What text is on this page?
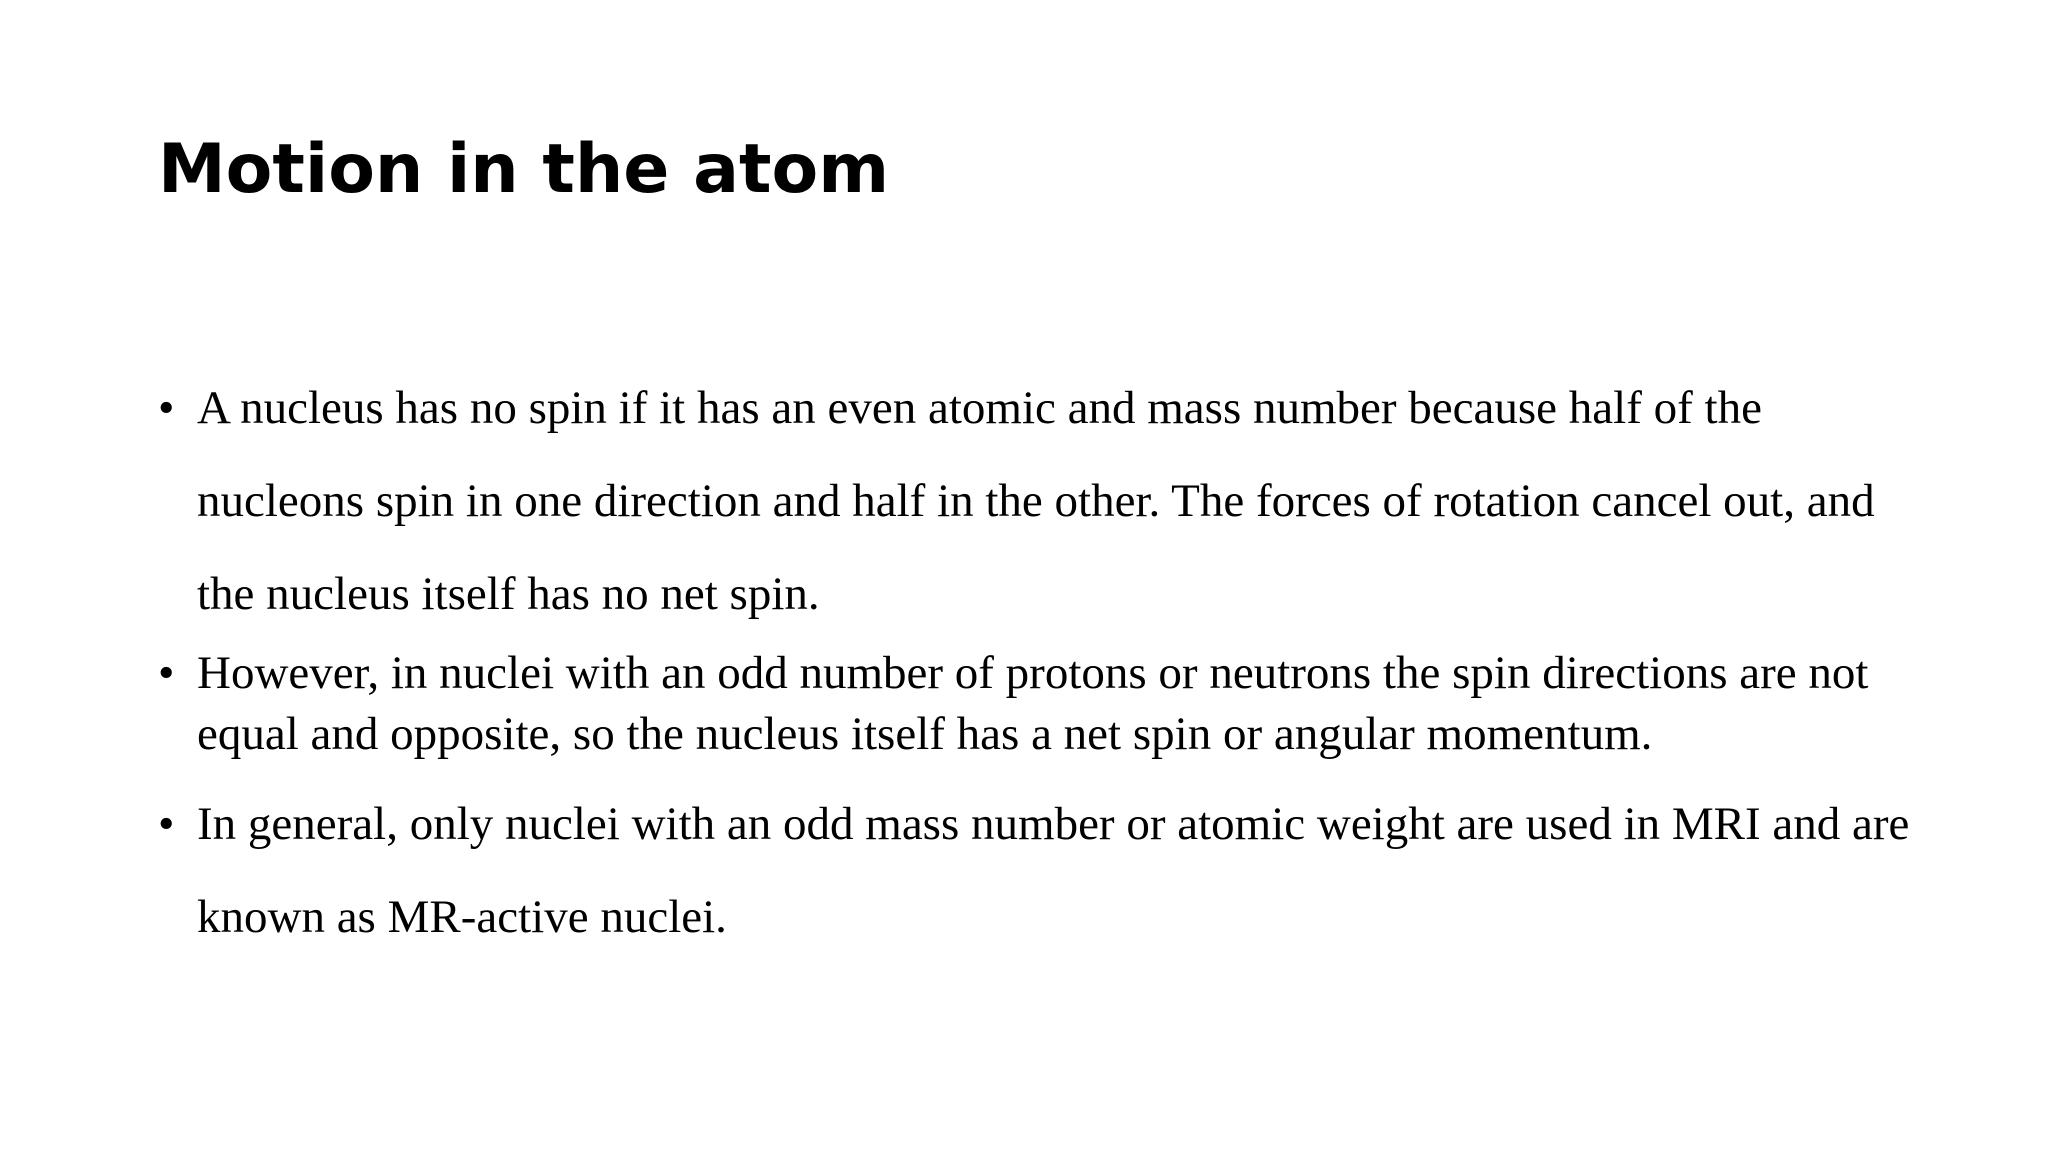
Motion in the atom
• A nucleus has no spin if it has an even atomic and mass number because half of the nucleons spin in one direction and half in the other. The forces of rotation cancel out, and the nucleus itself has no net spin.
• However, in nuclei with an odd number of protons or neutrons the spin directions are not equal and opposite, so the nucleus itself has a net spin or angular momentum.
• In general, only nuclei with an odd mass number or atomic weight are used in MRI and are known as MR-active nuclei.
